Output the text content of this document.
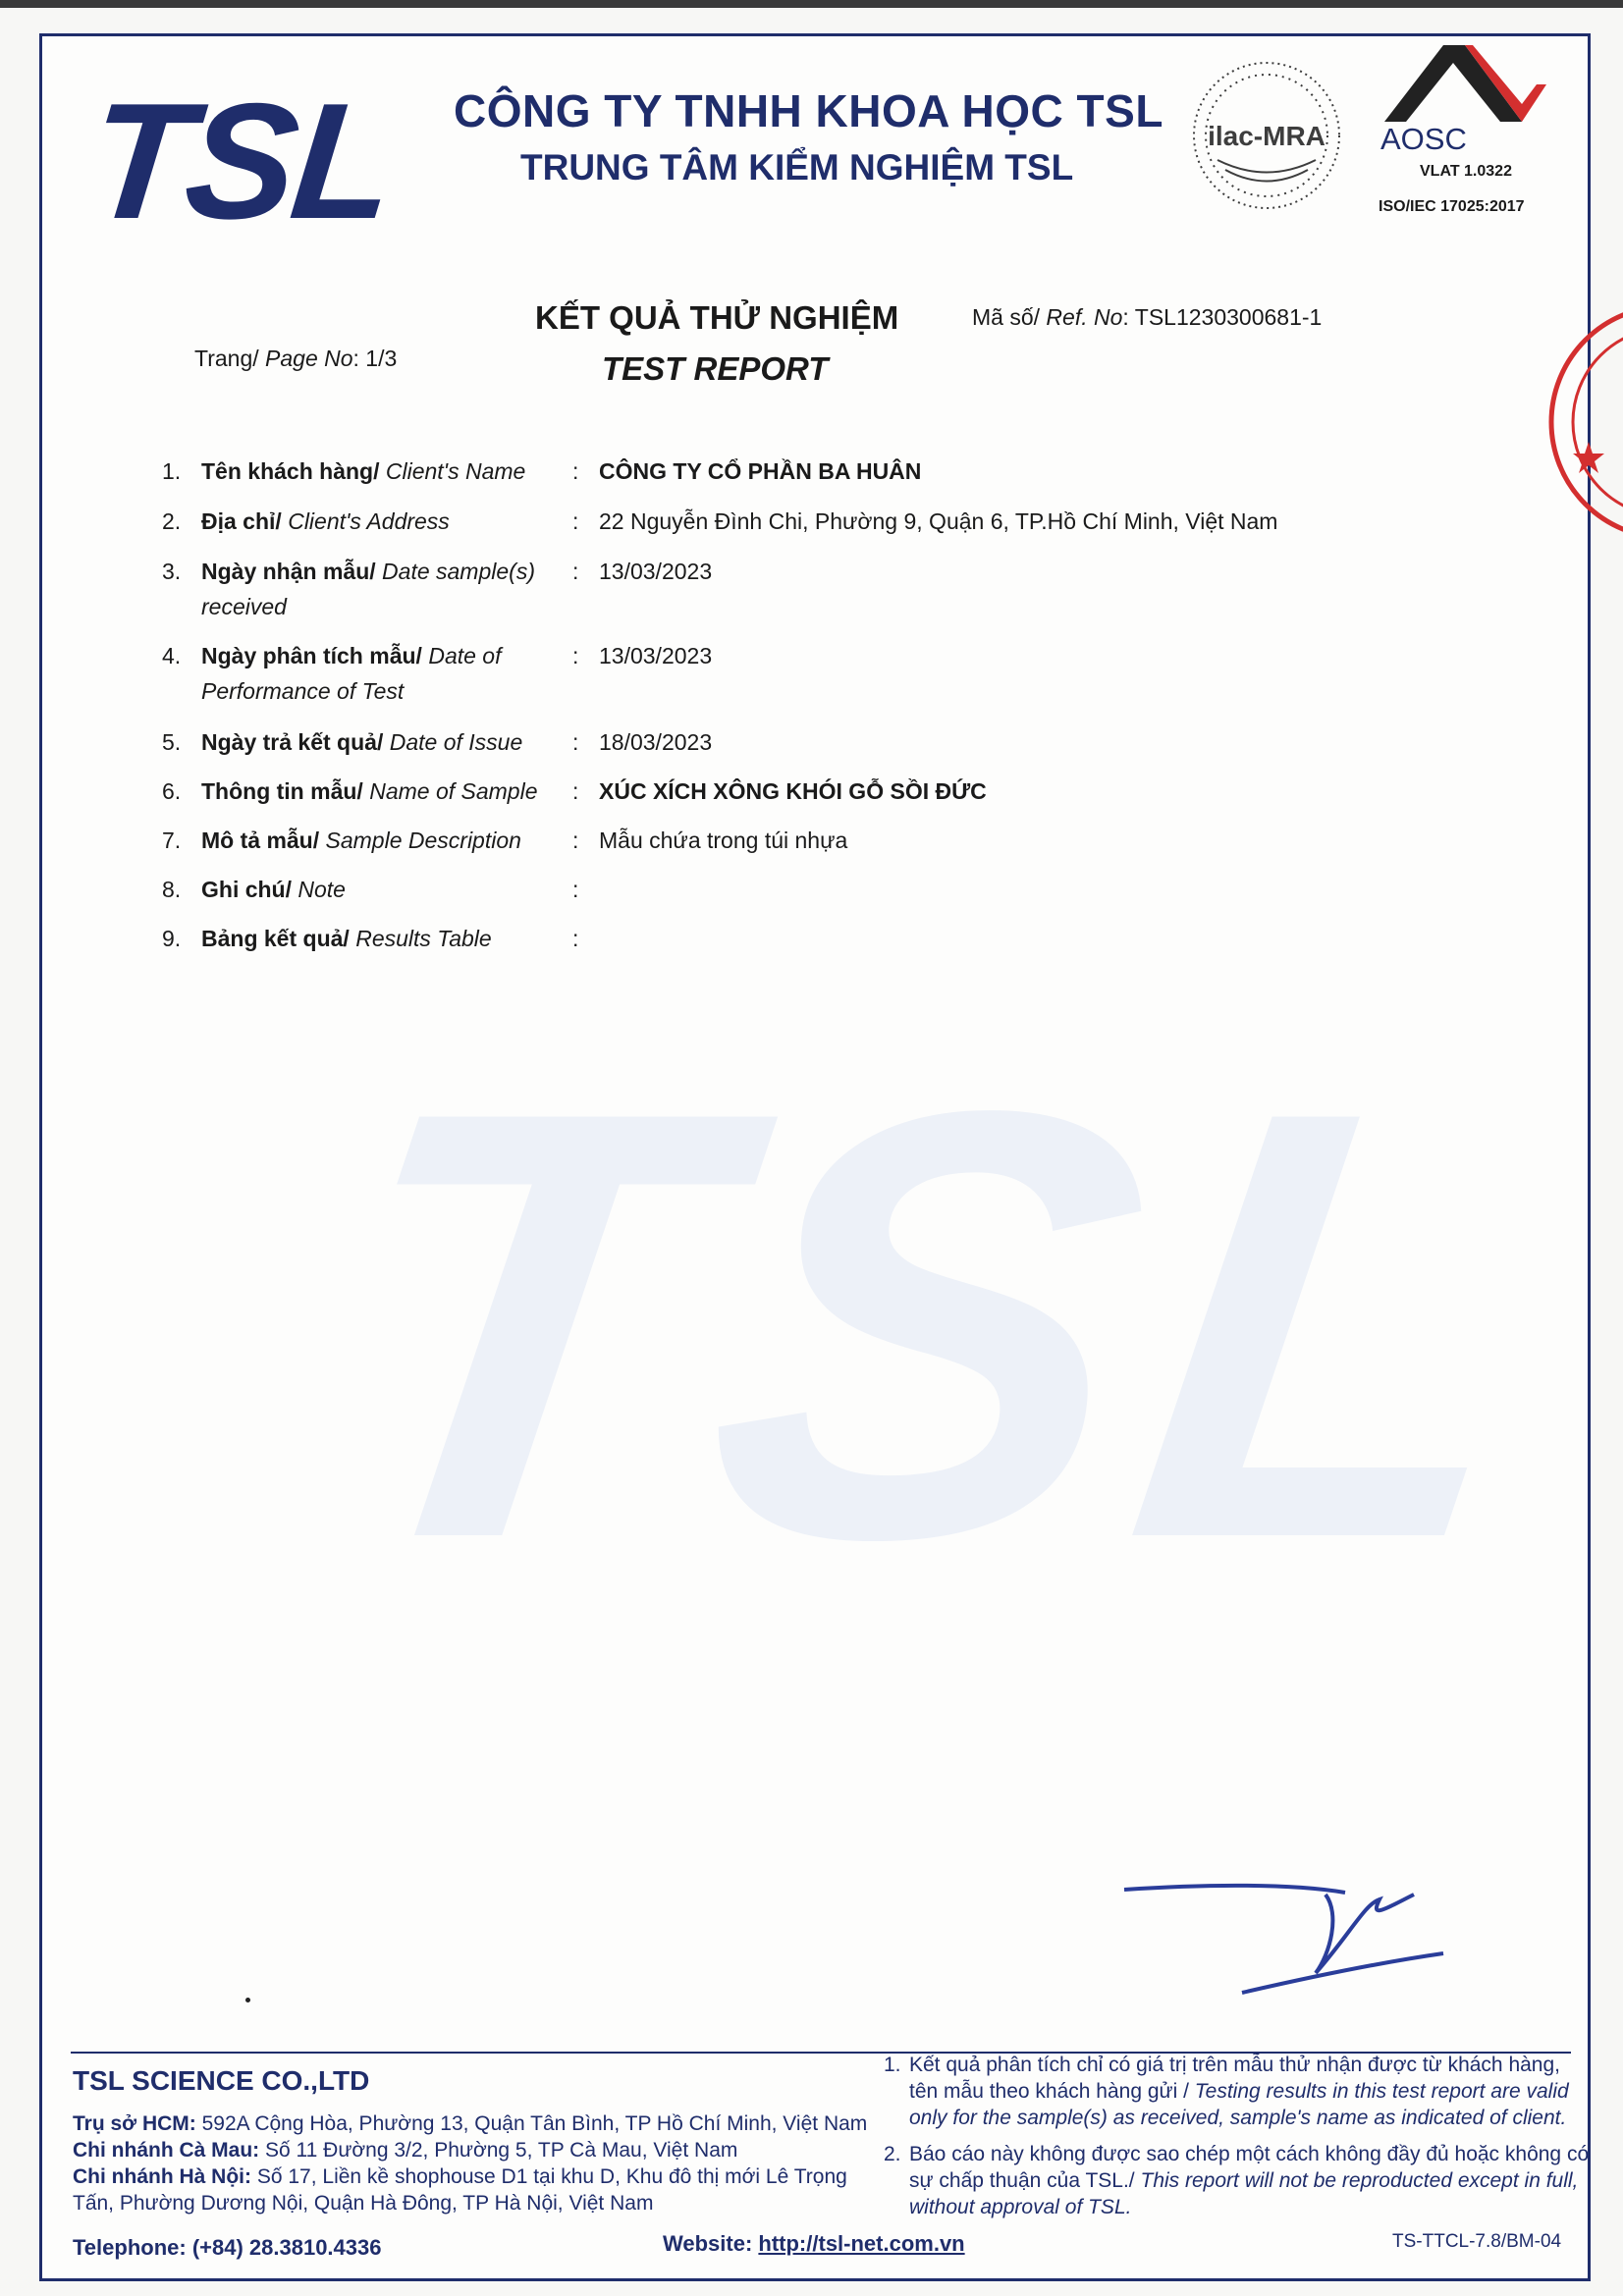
TSL
TSL CÔNG TY TNHH KHOA HỌC TSL
TRUNG TÂM KIỂM NGHIỆM TSL
ilac-MRA AOSC
VLAT 1.0322
ISO/IEC 17025:2017
KẾT QUẢ THỬ NGHIỆM
TEST REPORT
Trang/ Page No: 1/3
Mã số/ Ref. No: TSL1230300681-1
1. Tên khách hàng/ Client's Name	: CÔNG TY CỔ PHẦN BA HUÂN
2. Địa chỉ/ Client's Address	: 22 Nguyễn Đình Chi, Phường 9, Quận 6, TP.Hồ Chí Minh, Việt Nam
3. Ngày nhận mẫu/ Date sample(s) received
: 13/03/2023
4. Ngày phân tích mẫu/ Date of Performance of Test
: 13/03/2023
5. Ngày trả kết quả/ Date of Issue	: 18/03/2023
6. Thông tin mẫu/ Name of Sample	: XÚC XÍCH XÔNG KHÓI GỖ SỒI ĐỨC
7. Mô tả mẫu/ Sample Description	: Mẫu chứa trong túi nhựa
8. Ghi chú/ Note	:
9. Bảng kết quả/ Results Table	:
TSL SCIENCE CO.,LTD
Trụ sở HCM: 592A Cộng Hòa, Phường 13, Quận Tân Bình, TP Hồ Chí Minh, Việt Nam
Chi nhánh Cà Mau: Số 11 Đường 3/2, Phường 5, TP Cà Mau, Việt Nam
Chi nhánh Hà Nội: Số 17, Liền kề shophouse D1 tại khu D, Khu đô thị mới Lê Trọng Tấn, Phường Dương Nội, Quận Hà Đông, TP Hà Nội, Việt Nam
1. Kết quả phân tích chỉ có giá trị trên mẫu thử nhận được từ khách hàng, tên mẫu theo khách hàng gửi / Testing results in this test report are valid only for the sample(s) as received, sample's name as indicated of client.
2. Báo cáo này không được sao chép một cách không đầy đủ hoặc không có sự chấp thuận của TSL./ This report will not be reproducted except in full, without approval of TSL.
Telephone: (+84) 28.3810.4336	Website: http://tsl-net.com.vn	TS-TTCL-7.8/BM-04
